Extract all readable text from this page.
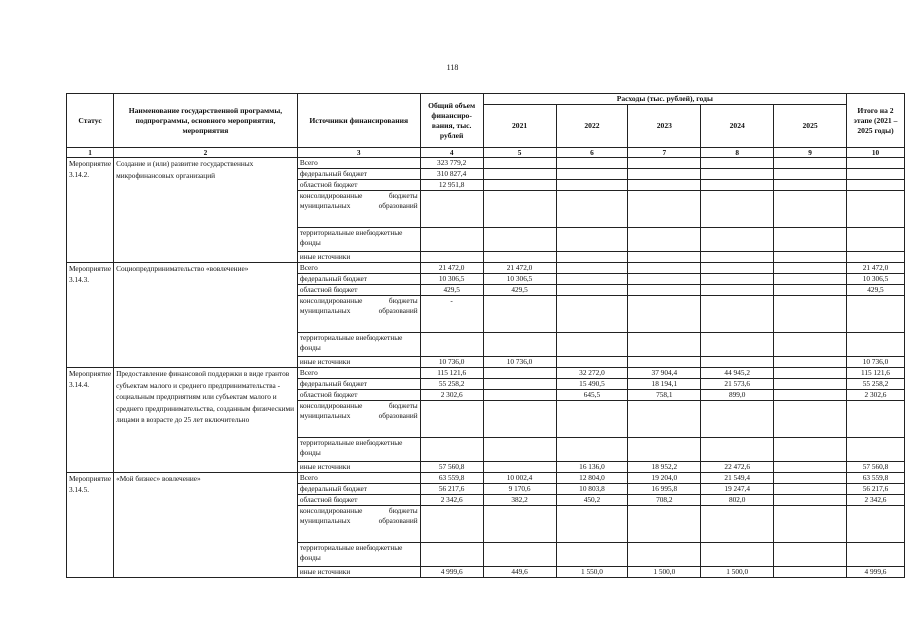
118
Статус	Наименование государственной программы, подпрограммы, основного мероприятия, мероприятия	Источники финансирования	Общий объем финансиро-вания, тыс. рублей	Расходы (тыс. рублей), годы					Итого на 2 этапе (2021 – 2025 годы)
				2021	2022	2023	2024	2025	
1	2	3	4	5	6	7	8	9	10
Мероприятие 3.14.2.	Создание и (или) развитие государственных микрофинансовых организаций	Всего	323 779,2						
		федеральный бюджет	310 827,4						
		областной бюджет	12 951,8						
		консолидированные бюджеты муниципальных образований							
		территориальные внебюджетные фонды							
		иные источники							
Мероприятие 3.14.3.	Социопредпринимательство «вовлечение»	Всего	21 472,0	21 472,0					21 472,0
		федеральный бюджет	10 306,5	10 306,5					10 306,5
		областной бюджет	429,5	429,5					429,5
		консолидированные бюджеты муниципальных образований	-						
		территориальные внебюджетные фонды							
		иные источники	10 736,0	10 736,0					10 736,0
Мероприятие 3.14.4.	Предоставление финансовой поддержки в виде грантов субъектам малого и среднего предпринимательства - социальным предприятиям или субъектам малого и среднего предпринимательства, созданным физическими лицами в возрасте до 25 лет включительно	Всего	115 121,6		32 272,0	37 904,4	44 945,2		115 121,6
		федеральный бюджет	55 258,2		15 490,5	18 194,1	21 573,6		55 258,2
		областной бюджет	2 302,6		645,5	758,1	899,0		2 302,6
		консолидированные бюджеты муниципальных образований							
		территориальные внебюджетные фонды							
		иные источники	57 560,8		16 136,0	18 952,2	22 472,6		57 560,8
Мероприятие 3.14.5.	«Мой бизнес» вовлечение»	Всего	63 559,8	10 002,4	12 804,0	19 204,0	21 549,4		63 559,8
		федеральный бюджет	56 217,6	9 170,6	10 803,8	16 995,8	19 247,4		56 217,6
		областной бюджет	2 342,6	382,2	450,2	708,2	802,0		2 342,6
		консолидированные бюджеты муниципальных образований							
		территориальные внебюджетные фонды							
		иные источники	4 999,6	449,6	1 550,0	1 500,0	1 500,0		4 999,6
